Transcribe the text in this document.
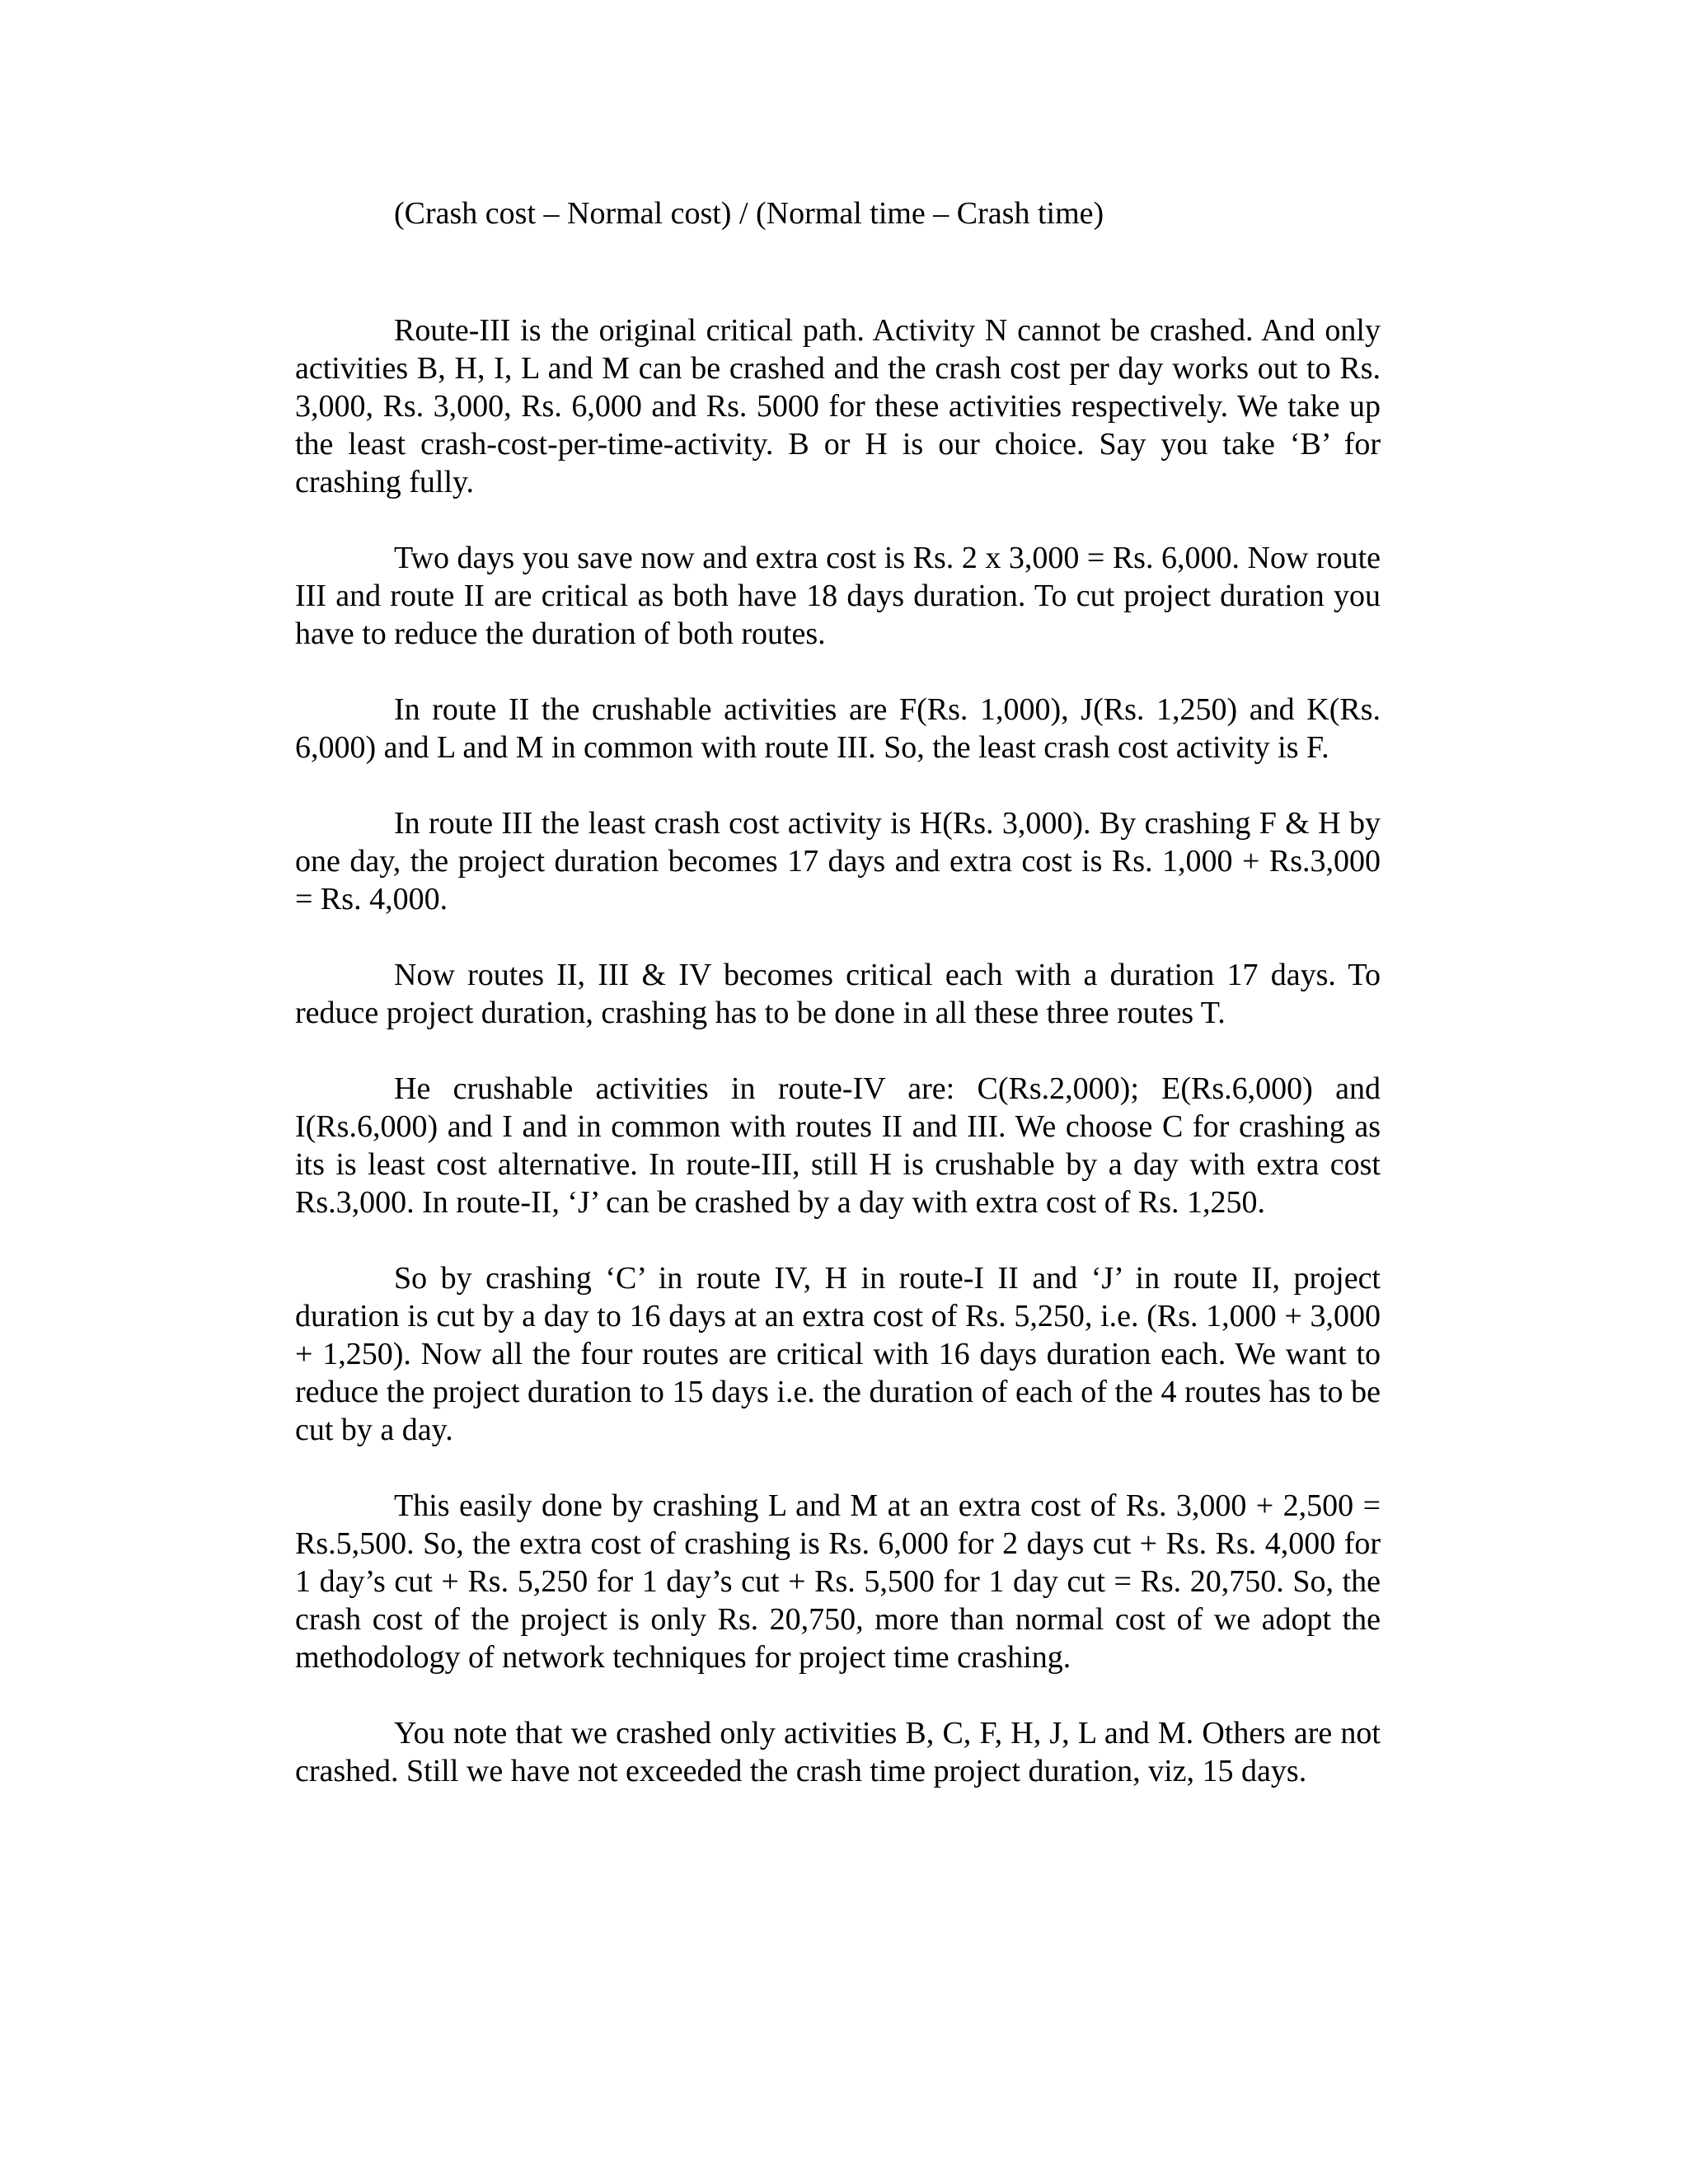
(Crash cost – Normal cost) / (Normal time – Crash time)

Route-III is the original critical path. Activity N cannot be crashed. And only activities B, H, I, L and M can be crashed and the crash cost per day works out to Rs. 3,000, Rs. 3,000, Rs. 6,000 and Rs. 5000 for these activities respectively. We take up the least crash-cost-per-time-activity. B or H is our choice. Say you take ‘B’ for crashing fully.

Two days you save now and extra cost is Rs. 2 x 3,000 = Rs. 6,000. Now route III and route II are critical as both have 18 days duration. To cut project duration you have to reduce the duration of both routes.

In route II the crushable activities are F(Rs. 1,000), J(Rs. 1,250) and K(Rs. 6,000) and L and M in common with route III. So, the least crash cost activity is F.

In route III the least crash cost activity is H(Rs. 3,000). By crashing F & H by one day, the project duration becomes 17 days and extra cost is Rs. 1,000 + Rs.3,000 = Rs. 4,000.

Now routes II, III & IV becomes critical each with a duration 17 days. To reduce project duration, crashing has to be done in all these three routes T.

He crushable activities in route-IV are: C(Rs.2,000); E(Rs.6,000) and I(Rs.6,000) and I and in common with routes II and III. We choose C for crashing as its is least cost alternative. In route-III, still H is crushable by a day with extra cost Rs.3,000. In route-II, ‘J’ can be crashed by a day with extra cost of Rs. 1,250.

So by crashing ‘C’ in route IV, H in route-I II and ‘J’ in route II, project duration is cut by a day to 16 days at an extra cost of Rs. 5,250, i.e. (Rs. 1,000 + 3,000 + 1,250). Now all the four routes are critical with 16 days duration each. We want to reduce the project duration to 15 days i.e. the duration of each of the 4 routes has to be cut by a day.

This easily done by crashing L and M at an extra cost of Rs. 3,000 + 2,500 = Rs.5,500. So, the extra cost of crashing is Rs. 6,000 for 2 days cut + Rs. Rs. 4,000 for 1 day’s cut + Rs. 5,250 for 1 day’s cut + Rs. 5,500 for 1 day cut = Rs. 20,750. So, the crash cost of the project is only Rs. 20,750, more than normal cost of we adopt the methodology of network techniques for project time crashing.

You note that we crashed only activities B, C, F, H, J, L and M. Others are not crashed. Still we have not exceeded the crash time project duration, viz, 15 days.
